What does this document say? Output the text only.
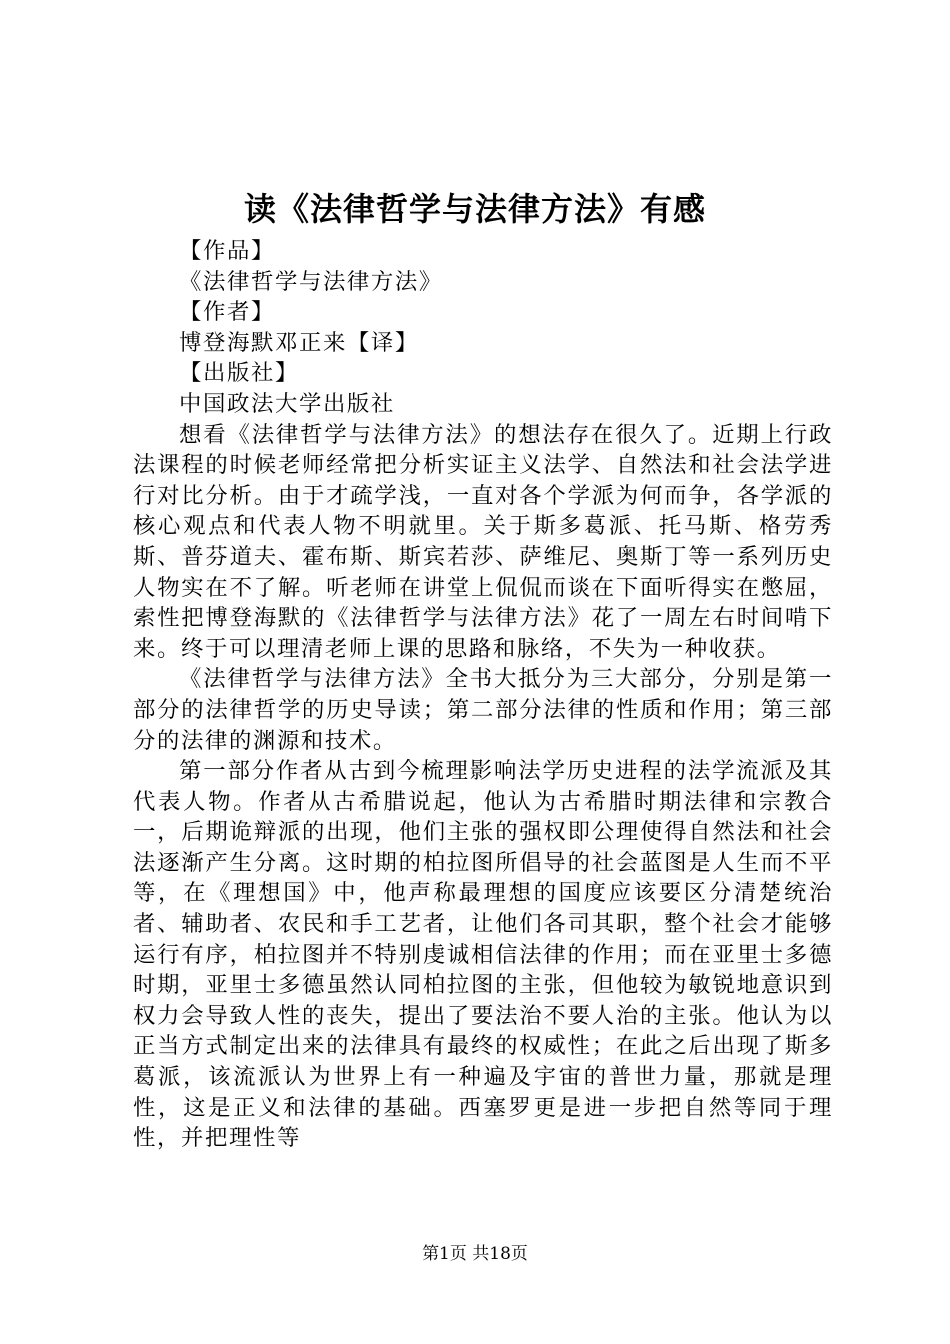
读《法律哲学与法律方法》有感

【作品】

《法律哲学与法律方法》

【作者】

博登海默邓正来【译】

【出版社】

中国政法大学出版社

想看《法律哲学与法律方法》的想法存在很久了。近期上行政法课程的时候老师经常把分析实证主义法学、自然法和社会法学进行对比分析。由于才疏学浅，一直对各个学派为何而争，各学派的核心观点和代表人物不明就里。关于斯多葛派、托马斯、格劳秀斯、普芬道夫、霍布斯、斯宾若莎、萨维尼、奥斯丁等一系列历史人物实在不了解。听老师在讲堂上侃侃而谈在下面听得实在憋屈，索性把博登海默的《法律哲学与法律方法》花了一周左右时间啃下来。终于可以理清老师上课的思路和脉络，不失为一种收获。

《法律哲学与法律方法》全书大抵分为三大部分，分别是第一部分的法律哲学的历史导读；第二部分法律的性质和作用；第三部分的法律的渊源和技术。

第一部分作者从古到今梳理影响法学历史进程的法学流派及其代表人物。作者从古希腊说起，他认为古希腊时期法律和宗教合一，后期诡辩派的出现，他们主张的强权即公理使得自然法和社会法逐渐产生分离。这时期的柏拉图所倡导的社会蓝图是人生而不平等，在《理想国》中，他声称最理想的国度应该要区分清楚统治者、辅助者、农民和手工艺者，让他们各司其职，整个社会才能够运行有序，柏拉图并不特别虔诚相信法律的作用；而在亚里士多德时期，亚里士多德虽然认同柏拉图的主张，但他较为敏锐地意识到权力会导致人性的丧失，提出了要法治不要人治的主张。他认为以正当方式制定出来的法律具有最终的权威性；在此之后出现了斯多葛派，该流派认为世界上有一种遍及宇宙的普世力量，那就是理性，这是正义和法律的基础。西塞罗更是进一步把自然等同于理性，并把理性等

第1页 共18页
